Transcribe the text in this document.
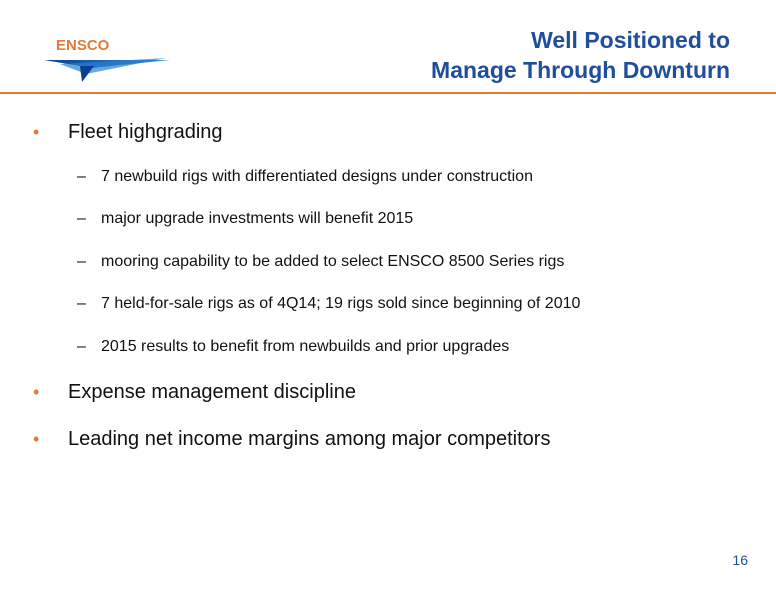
ENSCO	Well Positioned to
Manage Through Downturn
•	Fleet highgrading
– 7 newbuild rigs with differentiated designs under construction
– major upgrade investments will benefit 2015
– mooring capability to be added to select ENSCO 8500 Series rigs
– 7 held-for-sale rigs as of 4Q14; 19 rigs sold since beginning of 2010
– 2015 results to benefit from newbuilds and prior upgrades
•	Expense management discipline
•	Leading net income margins among major competitors
16
